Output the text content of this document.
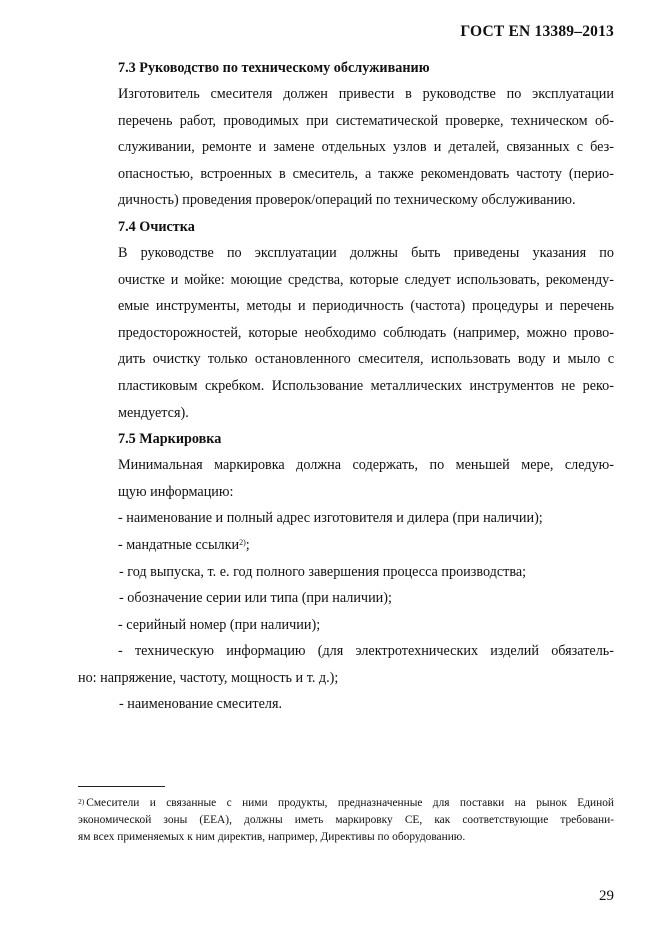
ГОСТ EN 13389–2013
7.3 Руководство по техническому обслуживанию
Изготовитель смесителя должен привести в руководстве по эксплуатации
перечень работ, проводимых при систематической проверке, техническом об-
служивании, ремонте и замене отдельных узлов и деталей, связанных с без-
опасностью, встроенных в смеситель, а также рекомендовать частоту (перио-
дичность) проведения проверок/операций по техническому обслуживанию.
7.4 Очистка
В руководстве по эксплуатации должны быть приведены указания по
очистке и мойке: моющие средства, которые следует использовать, рекоменду-
емые инструменты, методы и периодичность (частота) процедуры и перечень
предосторожностей, которые необходимо соблюдать (например, можно прово-
дить очистку только остановленного смесителя, использовать воду и мыло с
пластиковым скребком. Использование металлических инструментов не реко-
мендуется).
7.5 Маркировка
Минимальная маркировка должна содержать, по меньшей мере, следую-
щую информацию:
- наименование и полный адрес изготовителя и дилера (при наличии);
- мандатные ссылки$^{2)}$;
- год выпуска, т. е. год полного завершения процесса производства;
- обозначение серии или типа (при наличии);
- серийный номер (при наличии);
- техническую информацию (для электротехнических изделий обязатель-
но: напряжение, частоту, мощность и т. д.);
- наименование смесителя.
$^{2)}$ Смесители и связанные с ними продукты, предназначенные для поставки на рынок Единой
экономической зоны (ЕЕА), должны иметь маркировку СЕ, как соответствующие требовани-
ям всех применяемых к ним директив, например, Директивы по оборудованию.
29
